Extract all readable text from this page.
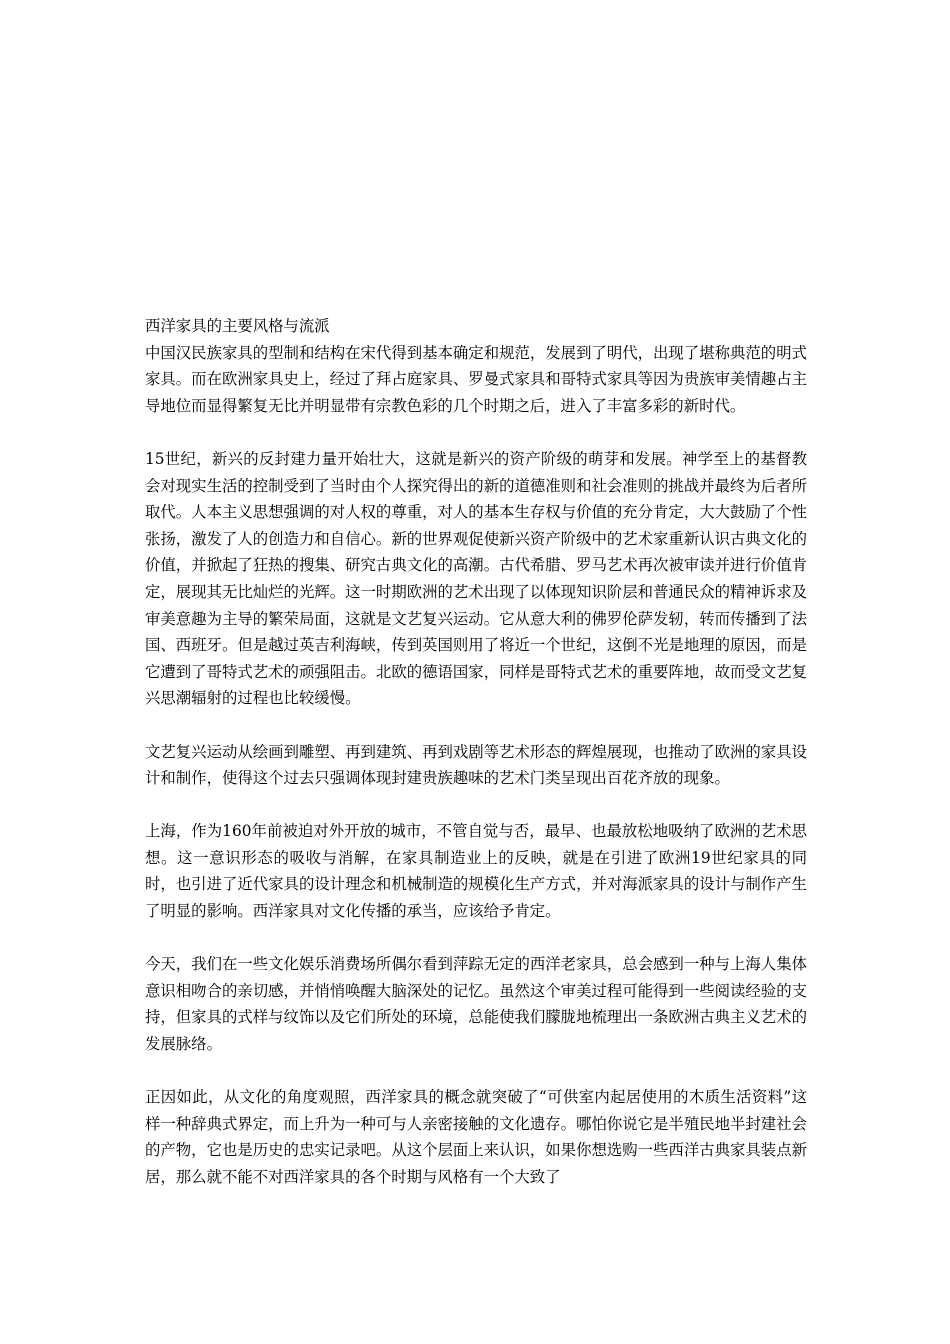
西洋家具的主要风格与流派

中国汉民族家具的型制和结构在宋代得到基本确定和规范，发展到了明代，出现了堪称典范的明式家具。而在欧洲家具史上，经过了拜占庭家具、罗曼式家具和哥特式家具等因为贵族审美情趣占主导地位而显得繁复无比并明显带有宗教色彩的几个时期之后，进入了丰富多彩的新时代。

15世纪，新兴的反封建力量开始壮大，这就是新兴的资产阶级的萌芽和发展。神学至上的基督教会对现实生活的控制受到了当时由个人探究得出的新的道德准则和社会准则的挑战并最终为后者所取代。人本主义思想强调的对人权的尊重，对人的基本生存权与价值的充分肯定，大大鼓励了个性张扬，激发了人的创造力和自信心。新的世界观促使新兴资产阶级中的艺术家重新认识古典文化的价值，并掀起了狂热的搜集、研究古典文化的高潮。古代希腊、罗马艺术再次被审读并进行价值肯定，展现其无比灿烂的光辉。这一时期欧洲的艺术出现了以体现知识阶层和普通民众的精神诉求及审美意趣为主导的繁荣局面，这就是文艺复兴运动。它从意大利的佛罗伦萨发轫，转而传播到了法国、西班牙。但是越过英吉利海峡，传到英国则用了将近一个世纪，这倒不光是地理的原因，而是它遭到了哥特式艺术的顽强阻击。北欧的德语国家，同样是哥特式艺术的重要阵地，故而受文艺复兴思潮辐射的过程也比较缓慢。

文艺复兴运动从绘画到雕塑、再到建筑、再到戏剧等艺术形态的辉煌展现，也推动了欧洲的家具设计和制作，使得这个过去只强调体现封建贵族趣味的艺术门类呈现出百花齐放的现象。

上海，作为160年前被迫对外开放的城市，不管自觉与否，最早、也最放松地吸纳了欧洲的艺术思想。这一意识形态的吸收与消解，在家具制造业上的反映，就是在引进了欧洲19世纪家具的同时，也引进了近代家具的设计理念和机械制造的规模化生产方式，并对海派家具的设计与制作产生了明显的影响。西洋家具对文化传播的承当，应该给予肯定。

今天，我们在一些文化娱乐消费场所偶尔看到萍踪无定的西洋老家具，总会感到一种与上海人集体意识相吻合的亲切感，并悄悄唤醒大脑深处的记忆。虽然这个审美过程可能得到一些阅读经验的支持，但家具的式样与纹饰以及它们所处的环境，总能使我们朦胧地梳理出一条欧洲古典主义艺术的发展脉络。

正因如此，从文化的角度观照，西洋家具的概念就突破了“可供室内起居使用的木质生活资料”这样一种辞典式界定，而上升为一种可与人亲密接触的文化遗存。哪怕你说它是半殖民地半封建社会的产物，它也是历史的忠实记录吧。从这个层面上来认识，如果你想选购一些西洋古典家具装点新居，那么就不能不对西洋家具的各个时期与风格有一个大致了
